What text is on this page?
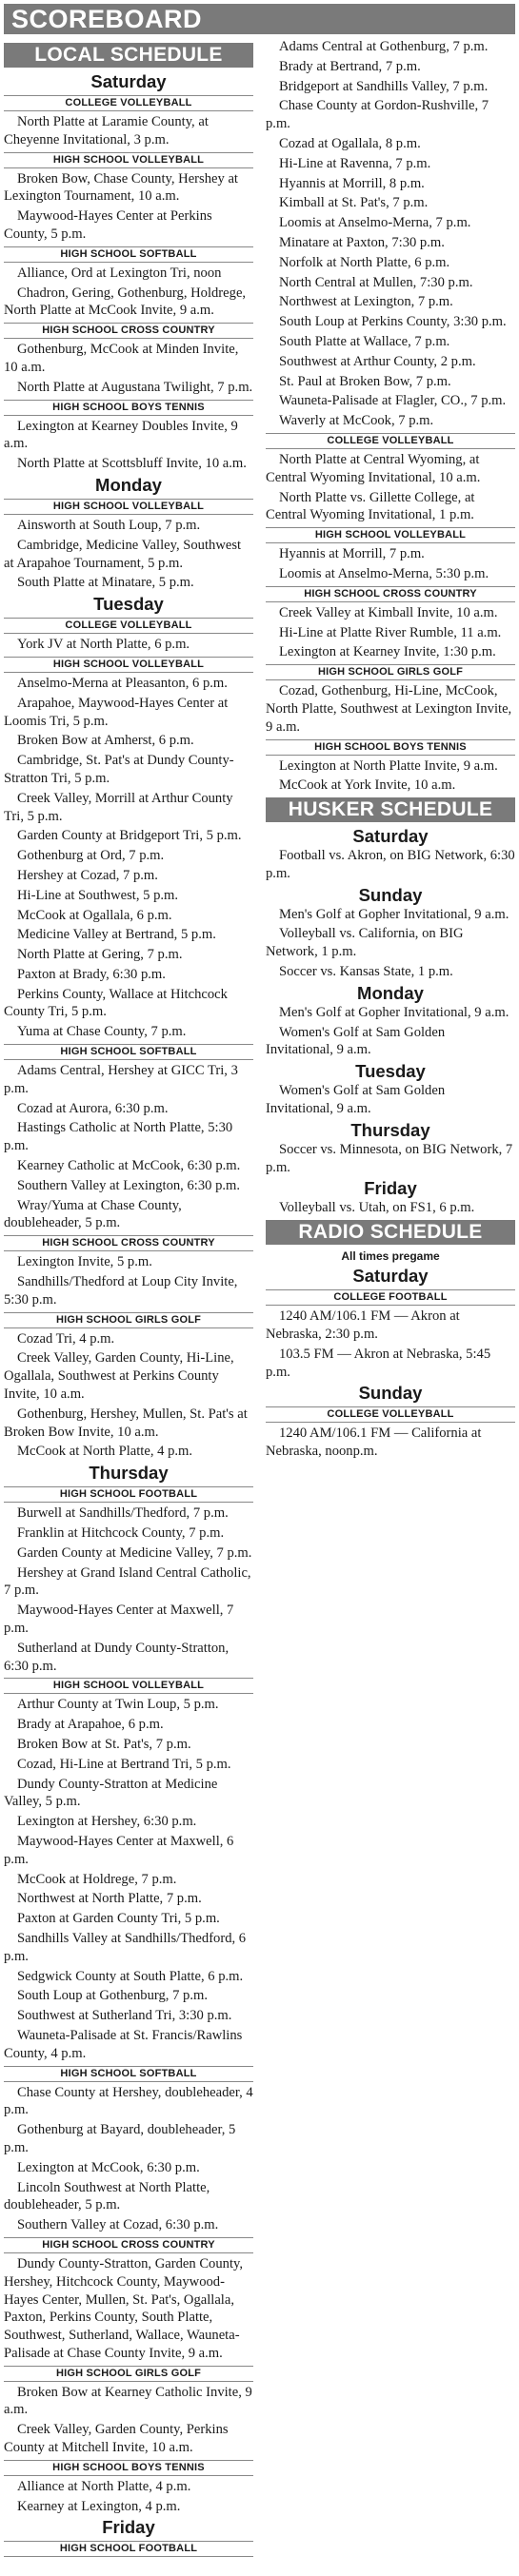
SCOREBOARD
LOCAL SCHEDULE
Saturday
COLLEGE VOLLEYBALL
North Platte at Laramie County, at Cheyenne Invitational, 3 p.m.
HIGH SCHOOL VOLLEYBALL
Broken Bow, Chase County, Hershey at Lexington Tournament, 10 a.m.
Maywood-Hayes Center at Perkins County, 5 p.m.
HIGH SCHOOL SOFTBALL
Alliance, Ord at Lexington Tri, noon
Chadron, Gering, Gothenburg, Holdrege, North Platte at McCook Invite, 9 a.m.
HIGH SCHOOL CROSS COUNTRY
Gothenburg, McCook at Minden Invite, 10 a.m.
North Platte at Augustana Twilight, 7 p.m.
HIGH SCHOOL BOYS TENNIS
Lexington at Kearney Doubles Invite, 9 a.m.
North Platte at Scottsbluff Invite, 10 a.m.
Monday
HIGH SCHOOL VOLLEYBALL
Ainsworth at South Loup, 7 p.m.
Cambridge, Medicine Valley, Southwest at Arapahoe Tournament, 5 p.m.
South Platte at Minatare, 5 p.m.
Tuesday
COLLEGE VOLLEYBALL
York JV at North Platte, 6 p.m.
HIGH SCHOOL VOLLEYBALL
Anselmo-Merna at Pleasanton, 6 p.m.
Arapahoe, Maywood-Hayes Center at Loomis Tri, 5 p.m.
Broken Bow at Amherst, 6 p.m.
Cambridge, St. Pat's at Dundy County-Stratton Tri, 5 p.m.
Creek Valley, Morrill at Arthur County Tri, 5 p.m.
Garden County at Bridgeport Tri, 5 p.m.
Gothenburg at Ord, 7 p.m.
Hershey at Cozad, 7 p.m.
Hi-Line at Southwest, 5 p.m.
McCook at Ogallala, 6 p.m.
Medicine Valley at Bertrand, 5 p.m.
North Platte at Gering, 7 p.m.
Paxton at Brady, 6:30 p.m.
Perkins County, Wallace at Hitchcock County Tri, 5 p.m.
Yuma at Chase County, 7 p.m.
HIGH SCHOOL SOFTBALL
Adams Central, Hershey at GICC Tri, 3 p.m.
Cozad at Aurora, 6:30 p.m.
Hastings Catholic at North Platte, 5:30 p.m.
Kearney Catholic at McCook, 6:30 p.m.
Southern Valley at Lexington, 6:30 p.m.
Wray/Yuma at Chase County, doubleheader, 5 p.m.
HIGH SCHOOL CROSS COUNTRY
Lexington Invite, 5 p.m.
Sandhills/Thedford at Loup City Invite, 5:30 p.m.
HIGH SCHOOL GIRLS GOLF
Cozad Tri, 4 p.m.
Creek Valley, Garden County, Hi-Line, Ogallala, Southwest at Perkins County Invite, 10 a.m.
Gothenburg, Hershey, Mullen, St. Pat's at Broken Bow Invite, 10 a.m.
McCook at North Platte, 4 p.m.
Thursday
HIGH SCHOOL FOOTBALL
Burwell at Sandhills/Thedford, 7 p.m.
Franklin at Hitchcock County, 7 p.m.
Garden County at Medicine Valley, 7 p.m.
Hershey at Grand Island Central Catholic, 7 p.m.
Maywood-Hayes Center at Maxwell, 7 p.m.
Sutherland at Dundy County-Stratton, 6:30 p.m.
HIGH SCHOOL VOLLEYBALL
Arthur County at Twin Loup, 5 p.m.
Brady at Arapahoe, 6 p.m.
Broken Bow at St. Pat's, 7 p.m.
Cozad, Hi-Line at Bertrand Tri, 5 p.m.
Dundy County-Stratton at Medicine Valley, 5 p.m.
Lexington at Hershey, 6:30 p.m.
Maywood-Hayes Center at Maxwell, 6 p.m.
McCook at Holdrege, 7 p.m.
Northwest at North Platte, 7 p.m.
Paxton at Garden County Tri, 5 p.m.
Sandhills Valley at Sandhills/Thedford, 6 p.m.
Sedgwick County at South Platte, 6 p.m.
South Loup at Gothenburg, 7 p.m.
Southwest at Sutherland Tri, 3:30 p.m.
Wauneta-Palisade at St. Francis/Rawlins County, 4 p.m.
HIGH SCHOOL SOFTBALL
Chase County at Hershey, doubleheader, 4 p.m.
Gothenburg at Bayard, doubleheader, 5 p.m.
Lexington at McCook, 6:30 p.m.
Lincoln Southwest at North Platte, doubleheader, 5 p.m.
Southern Valley at Cozad, 6:30 p.m.
HIGH SCHOOL CROSS COUNTRY
Dundy County-Stratton, Garden County, Hershey, Hitchcock County, Maywood-Hayes Center, Mullen, St. Pat's, Ogallala, Paxton, Perkins County, South Platte, Southwest, Sutherland, Wallace, Wauneta-Palisade at Chase County Invite, 9 a.m.
HIGH SCHOOL GIRLS GOLF
Broken Bow at Kearney Catholic Invite, 9 a.m.
Creek Valley, Garden County, Perkins County at Mitchell Invite, 10 a.m.
HIGH SCHOOL BOYS TENNIS
Alliance at North Platte, 4 p.m.
Kearney at Lexington, 4 p.m.
Friday
HIGH SCHOOL FOOTBALL
Adams Central at Gothenburg, 7 p.m.
Brady at Bertrand, 7 p.m.
Bridgeport at Sandhills Valley, 7 p.m.
Chase County at Gordon-Rushville, 7 p.m.
Cozad at Ogallala, 8 p.m.
Hi-Line at Ravenna, 7 p.m.
Hyannis at Morrill, 8 p.m.
Kimball at St. Pat's, 7 p.m.
Loomis at Anselmo-Merna, 7 p.m.
Minatare at Paxton, 7:30 p.m.
Norfolk at North Platte, 6 p.m.
North Central at Mullen, 7:30 p.m.
Northwest at Lexington, 7 p.m.
South Loup at Perkins County, 3:30 p.m.
South Platte at Wallace, 7 p.m.
Southwest at Arthur County, 2 p.m.
St. Paul at Broken Bow, 7 p.m.
Wauneta-Palisade at Flagler, CO., 7 p.m.
Waverly at McCook, 7 p.m.
COLLEGE VOLLEYBALL
North Platte at Central Wyoming, at Central Wyoming Invitational, 10 a.m.
North Platte vs. Gillette College, at Central Wyoming Invitational, 1 p.m.
HIGH SCHOOL VOLLEYBALL
Hyannis at Morrill, 7 p.m.
Loomis at Anselmo-Merna, 5:30 p.m.
HIGH SCHOOL CROSS COUNTRY
Creek Valley at Kimball Invite, 10 a.m.
Hi-Line at Platte River Rumble, 11 a.m.
Lexington at Kearney Invite, 1:30 p.m.
HIGH SCHOOL GIRLS GOLF
Cozad, Gothenburg, Hi-Line, McCook, North Platte, Southwest at Lexington Invite, 9 a.m.
HIGH SCHOOL BOYS TENNIS
Lexington at North Platte Invite, 9 a.m.
McCook at York Invite, 10 a.m.
HUSKER SCHEDULE
Saturday
Football vs. Akron, on BIG Network, 6:30 p.m.
Sunday
Men's Golf at Gopher Invitational, 9 a.m.
Volleyball vs. California, on BIG Network, 1 p.m.
Soccer vs. Kansas State, 1 p.m.
Monday
Men's Golf at Gopher Invitational, 9 a.m.
Women's Golf at Sam Golden Invitational, 9 a.m.
Tuesday
Women's Golf at Sam Golden Invitational, 9 a.m.
Thursday
Soccer vs. Minnesota, on BIG Network, 7 p.m.
Friday
Volleyball vs. Utah, on FS1, 6 p.m.
RADIO SCHEDULE
All times pregame
Saturday
COLLEGE FOOTBALL
1240 AM/106.1 FM — Akron at Nebraska, 2:30 p.m.
103.5 FM — Akron at Nebraska, 5:45 p.m.
Sunday
COLLEGE VOLLEYBALL
1240 AM/106.1 FM — California at Nebraska, noonp.m.
